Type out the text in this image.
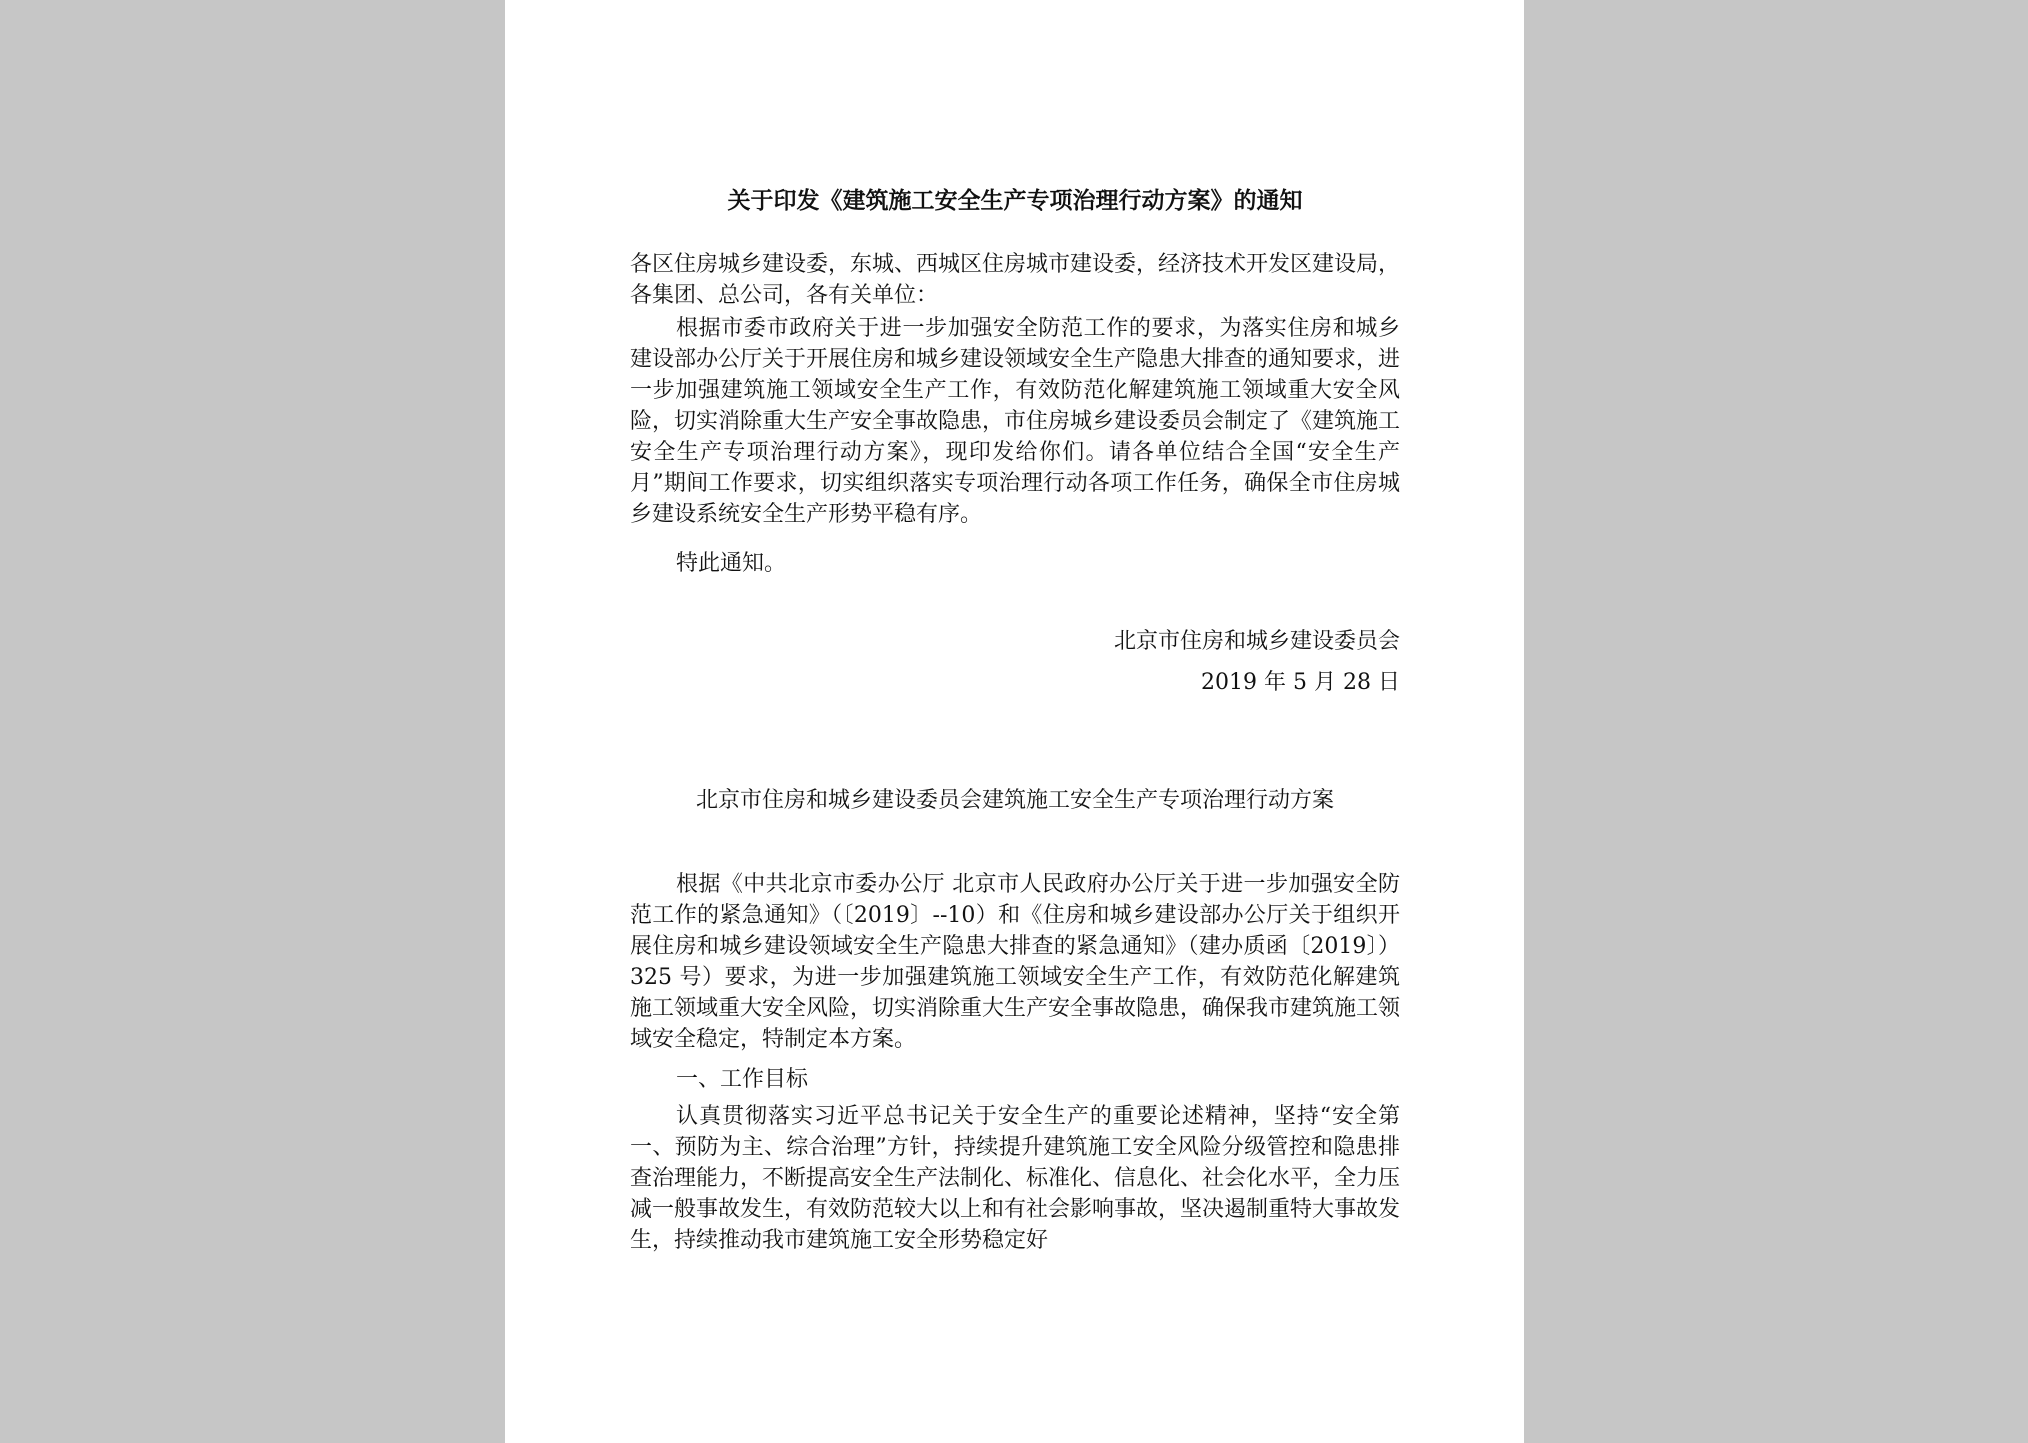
关于印发《建筑施工安全生产专项治理行动方案》的通知

各区住房城乡建设委，东城、西城区住房城市建设委，经济技术开发区建设局，各集团、总公司，各有关单位：

根据市委市政府关于进一步加强安全防范工作的要求，为落实住房和城乡建设部办公厅关于开展住房和城乡建设领域安全生产隐患大排查的通知要求，进一步加强建筑施工领域安全生产工作，有效防范化解建筑施工领域重大安全风险，切实消除重大生产安全事故隐患，市住房城乡建设委员会制定了《建筑施工安全生产专项治理行动方案》，现印发给你们。请各单位结合全国“安全生产月”期间工作要求，切实组织落实专项治理行动各项工作任务，确保全市住房城乡建设系统安全生产形势平稳有序。

特此通知。

北京市住房和城乡建设委员会
2019 年 5 月 28 日
北京市住房和城乡建设委员会建筑施工安全生产专项治理行动方案

根据《中共北京市委办公厅 北京市人民政府办公厅关于进一步加强安全防范工作的紧急通知》（〔2019〕--10）和《住房和城乡建设部办公厅关于组织开展住房和城乡建设领域安全生产隐患大排查的紧急通知》（建办质函〔2019〕）325 号）要求，为进一步加强建筑施工领域安全生产工作，有效防范化解建筑施工领域重大安全风险，切实消除重大生产安全事故隐患，确保我市建筑施工领域安全稳定，特制定本方案。

一、工作目标

认真贯彻落实习近平总书记关于安全生产的重要论述精神，坚持“安全第一、预防为主、综合治理”方针，持续提升建筑施工安全风险分级管控和隐患排查治理能力，不断提高安全生产法制化、标准化、信息化、社会化水平，全力压减一般事故发生，有效防范较大以上和有社会影响事故，坚决遏制重特大事故发生，持续推动我市建筑施工安全形势稳定好
